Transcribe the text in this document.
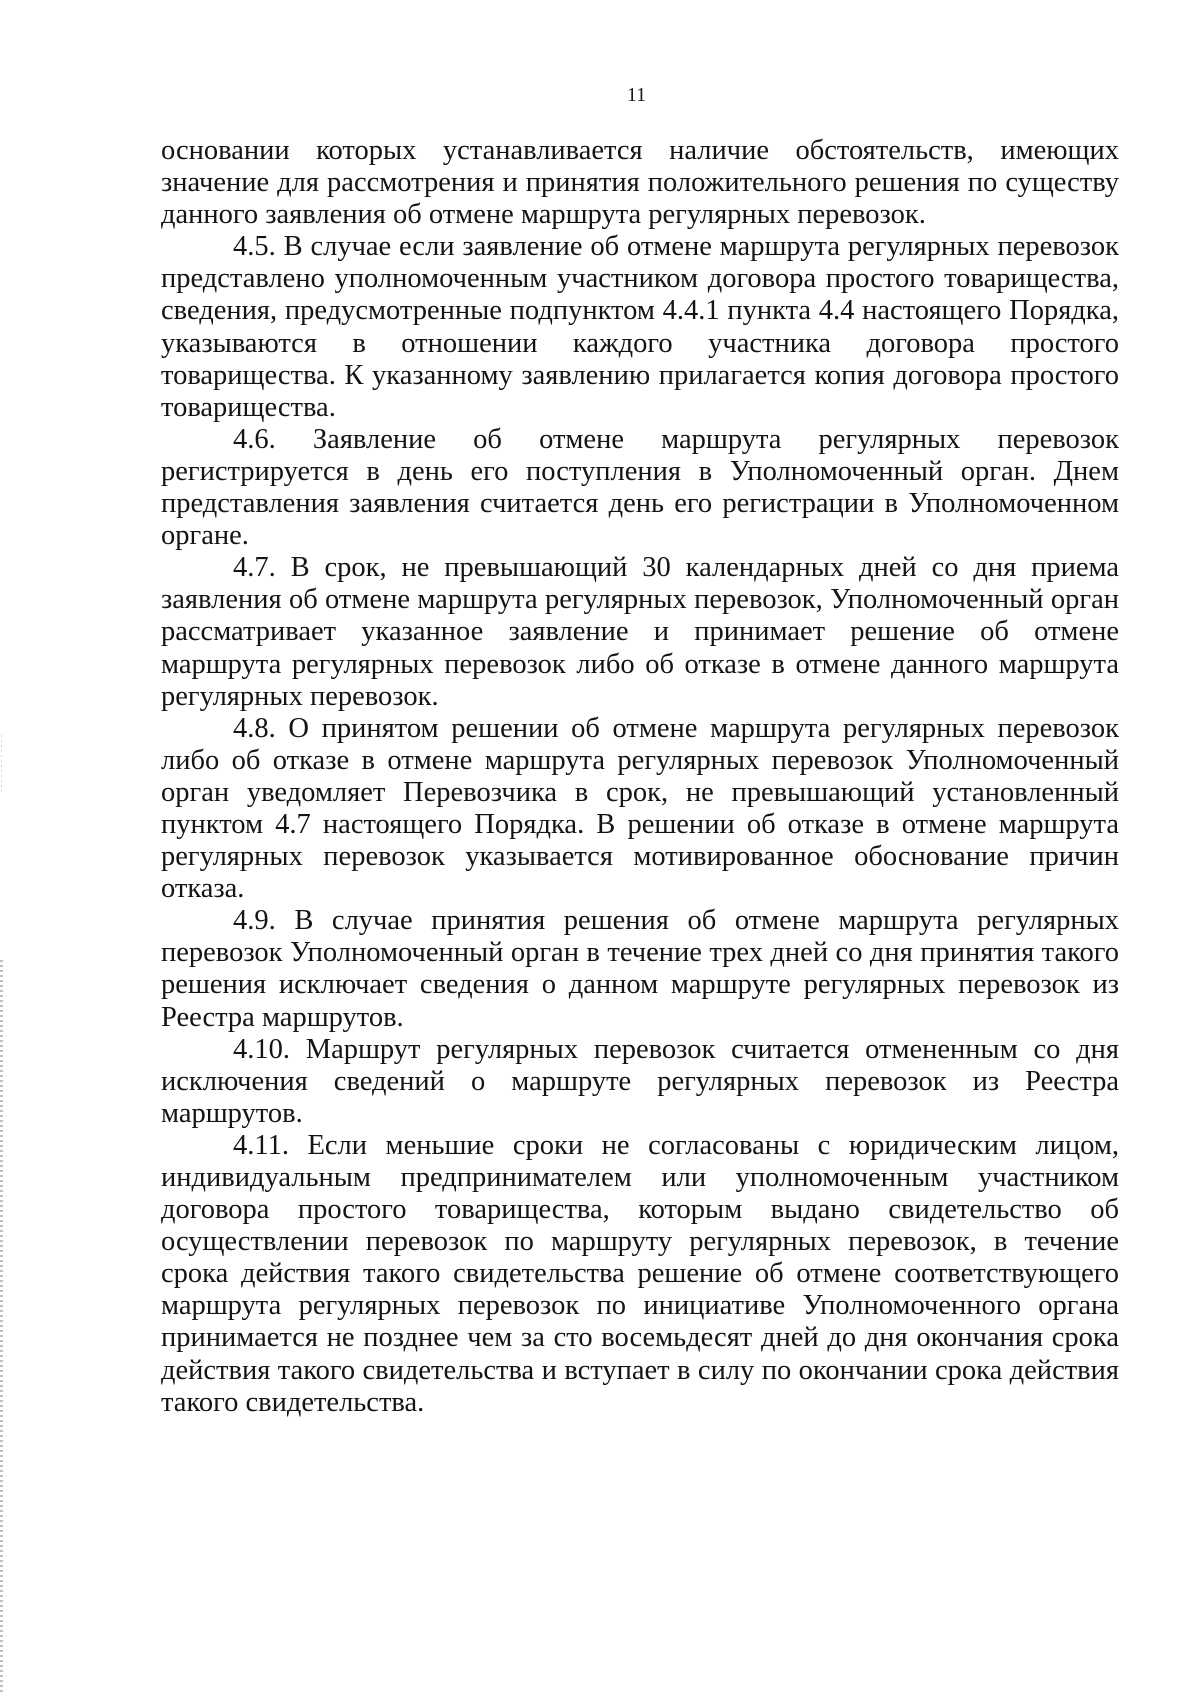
11

основании которых устанавливается наличие обстоятельств, имеющих значение для рассмотрения и принятия положительного решения по существу данного заявления об отмене маршрута регулярных перевозок.

4.5. В случае если заявление об отмене маршрута регулярных перевозок представлено уполномоченным участником договора простого товарищества, сведения, предусмотренные подпунктом 4.4.1 пункта 4.4 настоящего Порядка, указываются в отношении каждого участника договора простого товарищества. К указанному заявлению прилагается копия договора простого товарищества.

4.6. Заявление об отмене маршрута регулярных перевозок регистрируется в день его поступления в Уполномоченный орган. Днем представления заявления считается день его регистрации в Уполномоченном органе.

4.7. В срок, не превышающий 30 календарных дней со дня приема заявления об отмене маршрута регулярных перевозок, Уполномоченный орган рассматривает указанное заявление и принимает решение об отмене маршрута регулярных перевозок либо об отказе в отмене данного маршрута регулярных перевозок.

4.8. О принятом решении об отмене маршрута регулярных перевозок либо об отказе в отмене маршрута регулярных перевозок Уполномоченный орган уведомляет Перевозчика в срок, не превышающий установленный пунктом 4.7 настоящего Порядка. В решении об отказе в отмене маршрута регулярных перевозок указывается мотивированное обоснование причин отказа.

4.9. В случае принятия решения об отмене маршрута регулярных перевозок Уполномоченный орган в течение трех дней со дня принятия такого решения исключает сведения о данном маршруте регулярных перевозок из Реестра маршрутов.

4.10. Маршрут регулярных перевозок считается отмененным со дня исключения сведений о маршруте регулярных перевозок из Реестра маршрутов.

4.11. Если меньшие сроки не согласованы с юридическим лицом, индивидуальным предпринимателем или уполномоченным участником договора простого товарищества, которым выдано свидетельство об осуществлении перевозок по маршруту регулярных перевозок, в течение срока действия такого свидетельства решение об отмене соответствующего маршрута регулярных перевозок по инициативе Уполномоченного органа принимается не позднее чем за сто восемьдесят дней до дня окончания срока действия такого свидетельства и вступает в силу по окончании срока действия такого свидетельства.
